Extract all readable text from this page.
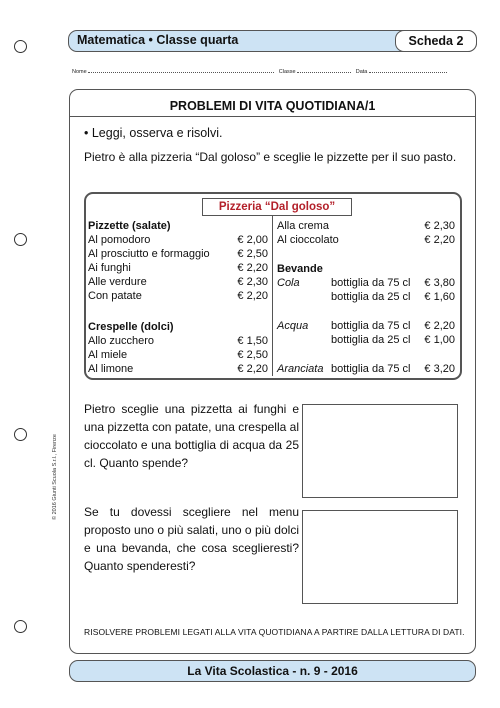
Matematica • Classe quarta	Scheda 2
Nome	Classe	Data
PROBLEMI DI VITA QUOTIDIANA/1
• Leggi, osserva e risolvi.
Pietro è alla pizzeria “Dal goloso” e sceglie le pizzette per il suo pasto.
Pizzeria “Dal goloso”
Pizzette (salate)
Al pomodoro	€ 2,00
Al prosciutto e formaggio	€ 2,50
Ai funghi	€ 2,20
Alle verdure	€ 2,30
Con patate	€ 2,20
Crespelle (dolci)
Allo zucchero	€ 1,50
Al miele	€ 2,50
Al limone	€ 2,20
Alla crema	€ 2,30
Al cioccolato	€ 2,20
Bevande
Cola	bottiglia da 75 cl	€ 3,80
bottiglia da 25 cl	€ 1,60
Acqua bottiglia da 75 cl	€ 2,20
bottiglia da 25 cl	€ 1,00
Aranciata bottiglia da 75 cl	€ 3,20
Pietro sceglie una pizzetta ai funghi e una pizzetta con patate, una crespella al cioccolato e una bottiglia di acqua da 25 cl. Quanto spende?
Se tu dovessi scegliere nel menu proposto uno o più salati, uno o più dolci e una bevanda, che cosa sceglieresti? Quanto spenderesti?
RISOLVERE PROBLEMI LEGATI ALLA VITA QUOTIDIANA A PARTIRE DALLA LETTURA DI DATI.
La Vita Scolastica - n. 9 - 2016
© 2016 Giunti Scuola S.r.l., Firenze
